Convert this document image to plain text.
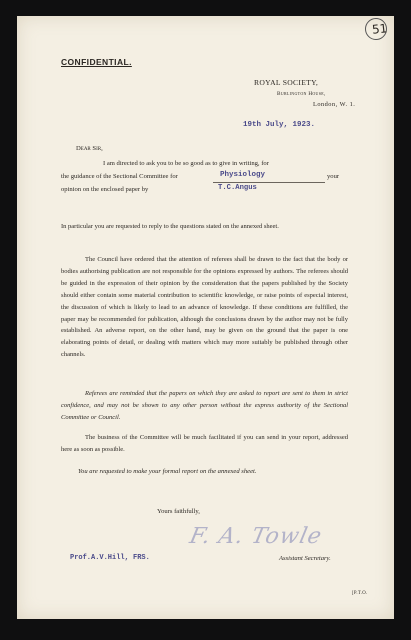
51
CONFIDENTIAL.
ROYAL SOCIETY,
Burlington House,
London, W. 1.
19th July, 1923.
Dear Sir,
I am directed to ask you to be so good as to give in writing, for
the guidance of the Sectional Committee for	Physiology	your
opinion on the enclosed paper by	T.C.Angus
In particular you are requested to reply to the questions stated on the annexed sheet.
The Council have ordered that the attention of referees shall be drawn to the fact that the body or bodies authorising publication are not responsible for the opinions expressed by authors. The referees should be guided in the expression of their opinion by the consideration that the papers published by the Society should either contain some material contribution to scientific knowledge, or raise points of especial interest, the discussion of which is likely to lead to an advance of knowledge. If these conditions are fulfilled, the paper may be recommended for publication, although the conclusions drawn by the author may not be fully established. An adverse report, on the other hand, may be given on the ground that the paper is one elaborating points of detail, or dealing with matters which may more suitably be published through other channels.
Referees are reminded that the papers on which they are asked to report are sent to them in strict confidence, and may not be shown to any other person without the express authority of the Sectional Committee or Council.
The business of the Committee will be much facilitated if you can send in your report, addressed here as soon as possible.
You are requested to make your formal report on the annexed sheet.
Yours faithfully,
F. A. Towle
Prof.A.V.Hill, FRS.	Assistant Secretary.
[P.T.O.
